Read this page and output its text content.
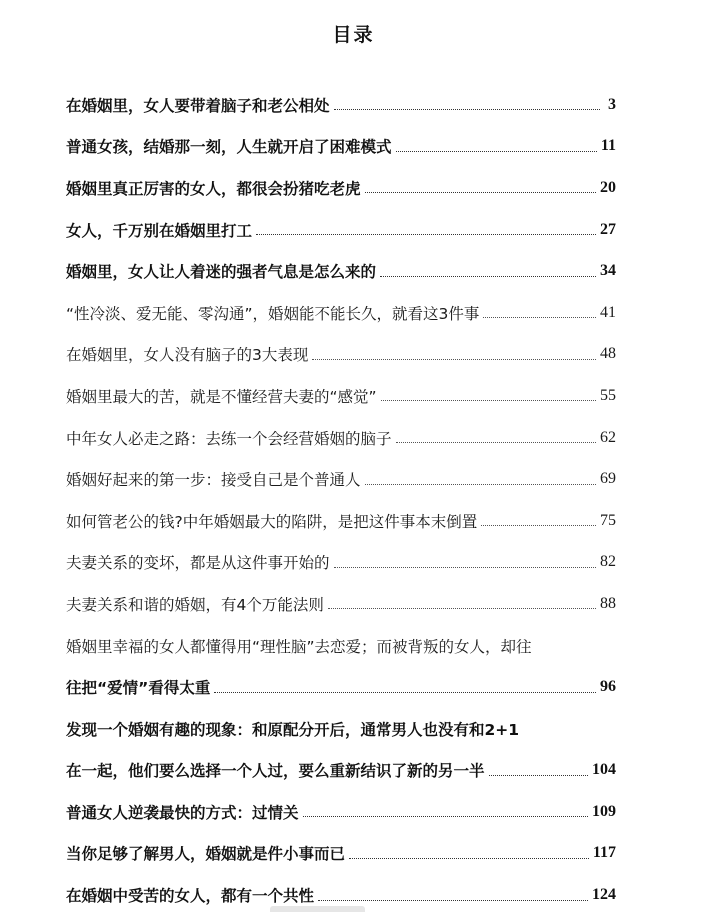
目录
在婚姻里，女人要带着脑子和老公相处	3
普通女孩，结婚那一刻，人生就开启了困难模式	11
婚姻里真正厉害的女人，都很会扮猪吃老虎	20
女人，千万别在婚姻里打工	27
婚姻里，女人让人着迷的强者气息是怎么来的	34
“性冷淡、爱无能、零沟通”，婚姻能不能长久，就看这3件事	41
在婚姻里，女人没有脑子的3大表现	48
婚姻里最大的苦，就是不懂经营夫妻的“感觉”	55
中年女人必走之路：去练一个会经营婚姻的脑子	62
婚姻好起来的第一步：接受自己是个普通人	69
如何管老公的钱?中年婚姻最大的陷阱，是把这件事本末倒置	75
夫妻关系的变坏，都是从这件事开始的	82
夫妻关系和谐的婚姻，有4个万能法则	88
婚姻里幸福的女人都懂得用“理性脑”去恋爱；而被背叛的女人，却往
往把“爱情”看得太重	96
发现一个婚姻有趣的现象：和原配分开后，通常男人也没有和2+1
在一起，他们要么选择一个人过，要么重新结识了新的另一半	104
普通女人逆袭最快的方式：过情关	109
当你足够了解男人，婚姻就是件小事而已	117
在婚姻中受苦的女人，都有一个共性	124
